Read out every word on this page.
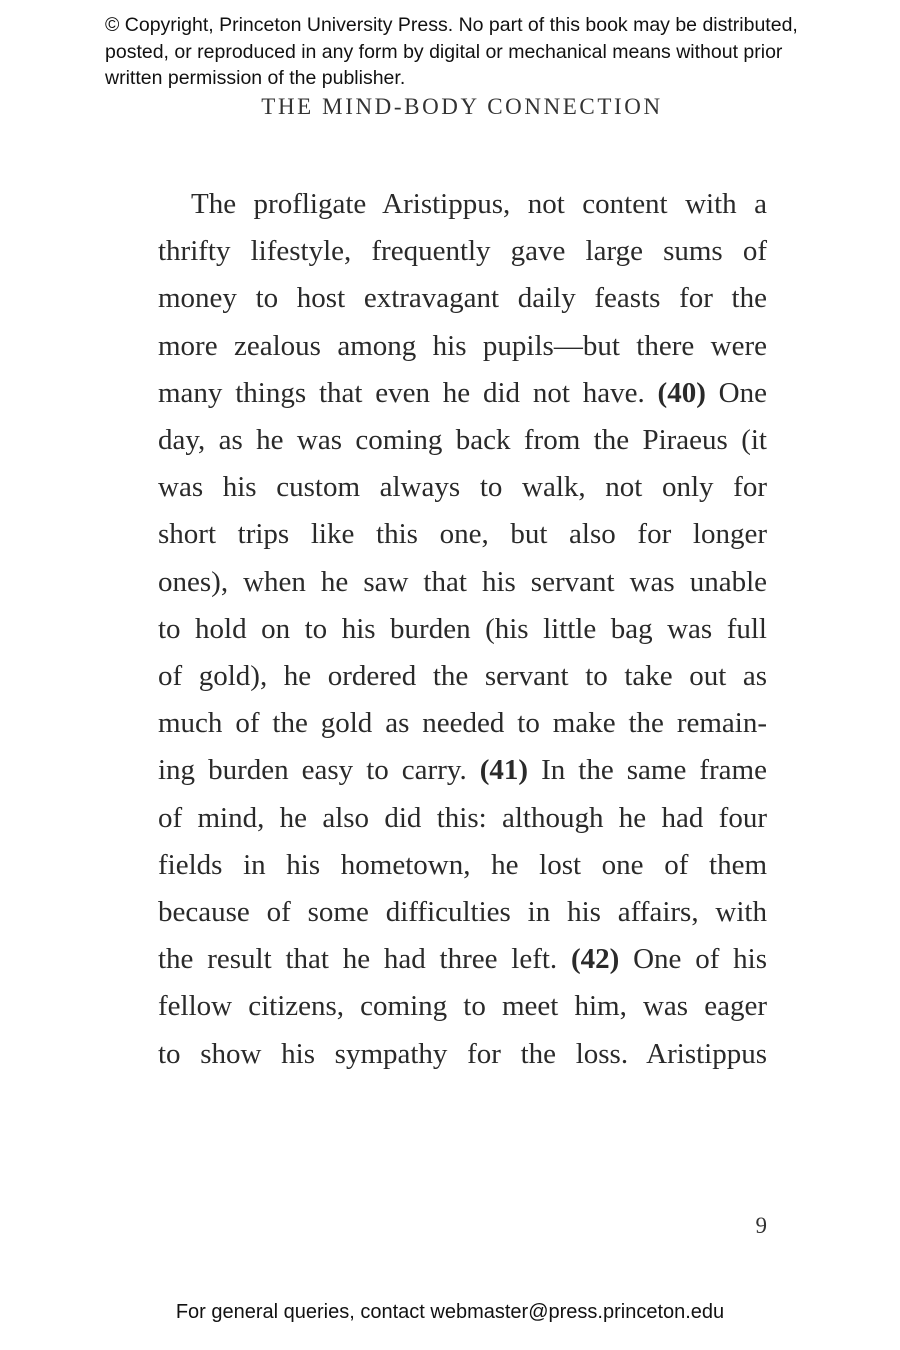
© Copyright, Princeton University Press. No part of this book may be distributed, posted, or reproduced in any form by digital or mechanical means without prior written permission of the publisher.
THE MIND-BODY CONNECTION
The profligate Aristippus, not content with a
thrifty lifestyle, frequently gave large sums of
money to host extravagant daily feasts for the
more zealous among his pupils—but there were
many things that even he did not have. (40) One
day, as he was coming back from the Piraeus (it
was his custom always to walk, not only for
short trips like this one, but also for longer
ones), when he saw that his servant was unable
to hold on to his burden (his little bag was full
of gold), he ordered the servant to take out as
much of the gold as needed to make the remain-
ing burden easy to carry. (41) In the same frame
of mind, he also did this: although he had four
fields in his hometown, he lost one of them
because of some difficulties in his affairs, with
the result that he had three left. (42) One of his
fellow citizens, coming to meet him, was eager
to show his sympathy for the loss. Aristippus
9
For general queries, contact webmaster@press.princeton.edu
